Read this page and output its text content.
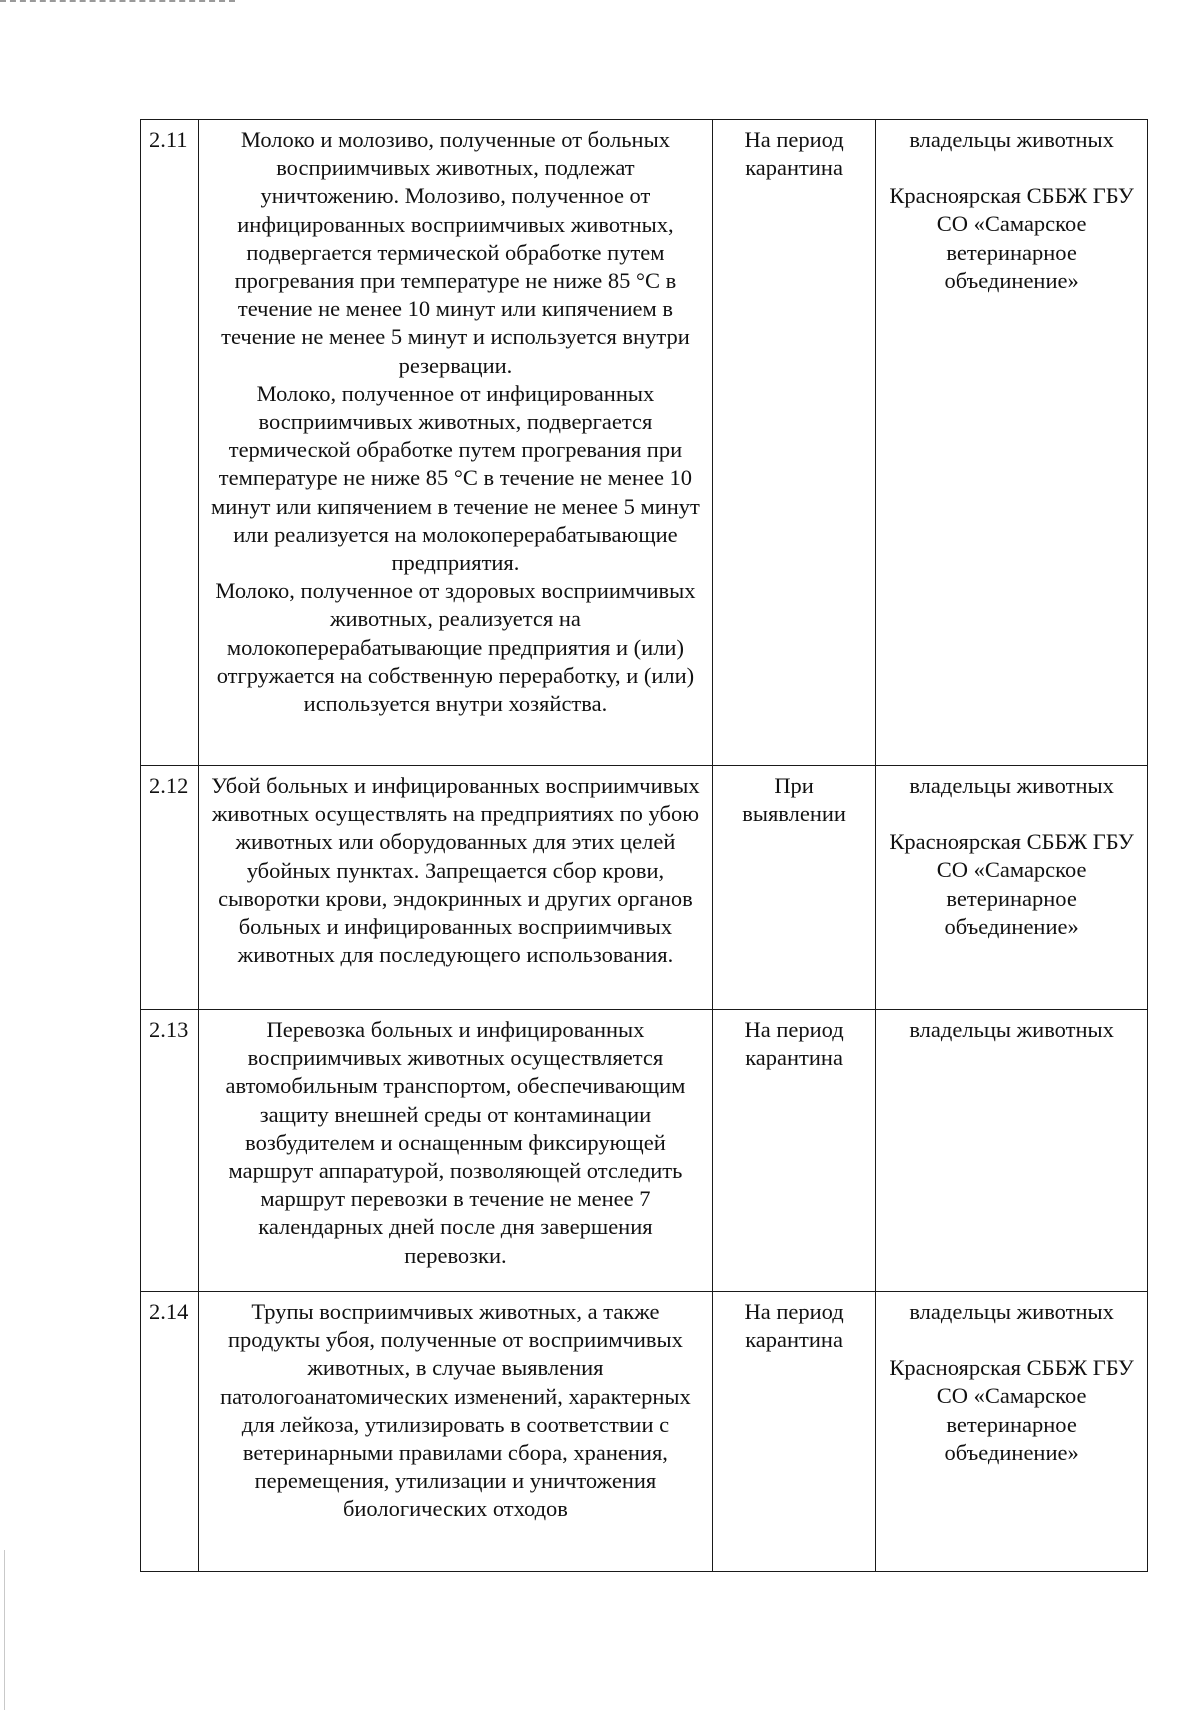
2.11	Молоко и молозиво, полученные от больных восприимчивых животных, подлежат уничтожению. Молозиво, полученное от инфицированных восприимчивых животных, подвергается термической обработке путем прогревания при температуре не ниже 85 °С в течение не менее 10 минут или кипячением в течение не менее 5 минут и используется внутри резервации.
Молоко, полученное от инфицированных восприимчивых животных, подвергается термической обработке путем прогревания при температуре не ниже 85 °С в течение не менее 10 минут или кипячением в течение не менее 5 минут или реализуется на молокоперерабатывающие предприятия.
Молоко, полученное от здоровых восприимчивых животных, реализуется на молокоперерабатывающие предприятия и (или) отгружается на собственную переработку, и (или) используется внутри хозяйства.	На период карантина	владельцы животных
Красноярская СББЖ ГБУ СО «Самарское ветеринарное объединение»

2.12	Убой больных и инфицированных восприимчивых животных осуществлять на предприятиях по убою животных или оборудованных для этих целей убойных пунктах. Запрещается сбор крови, сыворотки крови, эндокринных и других органов больных и инфицированных восприимчивых животных для последующего использования.	При выявлении	владельцы животных
Красноярская СББЖ ГБУ СО «Самарское ветеринарное объединение»

2.13	Перевозка больных и инфицированных восприимчивых животных осуществляется автомобильным транспортом, обеспечивающим защиту внешней среды от контаминации возбудителем и оснащенным фиксирующей маршрут аппаратурой, позволяющей отследить маршрут перевозки в течение не менее 7 календарных дней после дня завершения перевозки.	На период карантина	владельцы животных

2.14	Трупы восприимчивых животных, а также продукты убоя, полученные от восприимчивых животных, в случае выявления патологоанатомических изменений, характерных для лейкоза, утилизировать в соответствии с ветеринарными правилами сбора, хранения, перемещения, утилизации и уничтожения биологических отходов	На период карантина	владельцы животных
Красноярская СББЖ ГБУ СО «Самарское ветеринарное объединение»
